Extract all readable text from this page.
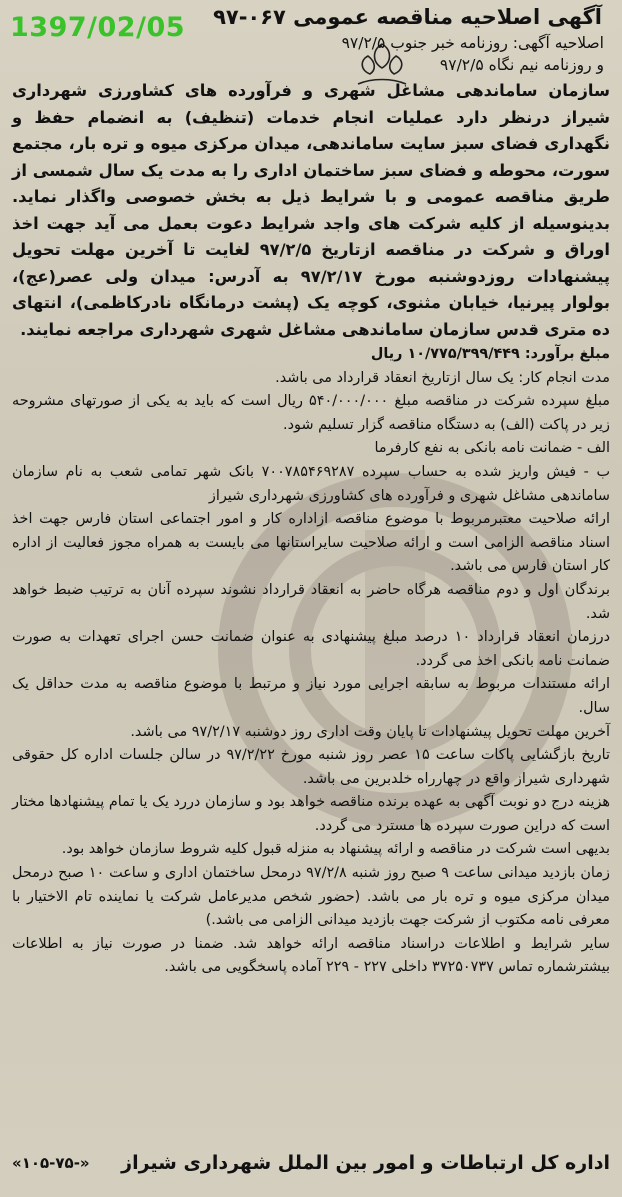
1397/02/05	آگهی اصلاحیه مناقصه عمومی ۰۶۷-۹۷
اصلاحیه آگهی: روزنامه خبر جنوب ۹۷/۲/۵
و روزنامه نیم نگاه ۹۷/۲/۵

سازمان ساماندهی مشاغل شهری و فرآورده های کشاورزی شهرداری شیراز درنظر دارد عملیات انجام خدمات (تنظیف) به انضمام حفظ و نگهداری فضای سبز سایت ساماندهی، میدان مرکزی میوه و تره بار، مجتمع سورت، محوطه و فضای سبز ساختمان اداری را به مدت یک سال شمسی از طریق مناقصه عمومی و با شرایط ذیل به بخش خصوصی واگذار نماید. بدینوسیله از کلیه شرکت های واجد شرایط دعوت بعمل می آید جهت اخذ اوراق و شرکت در مناقصه ازتاریخ ۹۷/۲/۵ لغایت تا آخرین مهلت تحویل پیشنهادات روزدوشنبه مورخ ۹۷/۲/۱۷ به آدرس: میدان ولی عصر(عج)، بولوار پیرنیا، خیابان مثنوی، کوچه یک (پشت درمانگاه نادرکاظمی)، انتهای ده متری قدس سازمان ساماندهی مشاغل شهری شهرداری مراجعه نمایند.

مبلغ برآورد: ۱۰/۷۷۵/۳۹۹/۴۴۹ ریال

مدت انجام کار: یک سال ازتاریخ انعقاد قرارداد می باشد.

مبلغ سپرده شرکت در مناقصه مبلغ ۵۴۰/۰۰۰/۰۰۰ ریال است که باید به یکی از صورتهای مشروحه زیر در پاکت (الف) به دستگاه مناقصه گزار تسلیم شود.

الف - ضمانت نامه بانکی به نفع کارفرما

ب - فیش واریز شده به حساب سپرده ۷۰۰۷۸۵۴۶۹۲۸۷ بانک شهر تمامی شعب به نام سازمان ساماندهی مشاغل شهری و فرآورده های کشاورزی شهرداری شیراز

ارائه صلاحیت معتبرمربوط با موضوع مناقصه ازاداره کار و امور اجتماعی استان فارس جهت اخذ اسناد مناقصه الزامی است و ارائه صلاحیت سایراستانها می بایست به همراه مجوز فعالیت از اداره کار استان فارس می باشد.

برندگان اول و دوم مناقصه هرگاه حاضر به انعقاد قرارداد نشوند سپرده آنان به ترتیب ضبط خواهد شد.

درزمان انعقاد قرارداد ۱۰ درصد مبلغ پیشنهادی به عنوان ضمانت حسن اجرای تعهدات به صورت ضمانت نامه بانکی اخذ می گردد.

ارائه مستندات مربوط به سابقه اجرایی مورد نیاز و مرتبط با موضوع مناقصه به مدت حداقل یک سال.

آخرین مهلت تحویل پیشنهادات تا پایان وقت اداری روز دوشنبه ۹۷/۲/۱۷ می باشد.

تاریخ بازگشایی پاکات ساعت ۱۵ عصر روز شنبه مورخ ۹۷/۲/۲۲ در سالن جلسات اداره کل حقوقی شهرداری شیراز واقع در چهارراه خلدبرین می باشد.

هزینه درج دو نوبت آگهی به عهده برنده مناقصه خواهد بود و سازمان دررد یک یا تمام پیشنهادها مختار است که دراین صورت سپرده ها مسترد می گردد.

بدیهی است شرکت در مناقصه و ارائه پیشنهاد به منزله قبول کلیه شروط سازمان خواهد بود.

زمان بازدید میدانی ساعت ۹ صبح روز شنبه ۹۷/۲/۸ درمحل ساختمان اداری و ساعت ۱۰ صبح درمحل میدان مرکزی میوه و تره بار می باشد. (حضور شخص مدیرعامل شرکت یا نماینده تام الاختیار با معرفی نامه مکتوب از شرکت جهت بازدید میدانی الزامی می باشد.)

سایر شرایط و اطلاعات دراسناد مناقصه ارائه خواهد شد. ضمنا در صورت نیاز به اطلاعات بیشترشماره تماس ۳۷۲۵۰۷۳۷ داخلی ۲۲۷ - ۲۲۹ آماده پاسخگویی می باشد.

اداره کل ارتباطات و امور بین الملل شهرداری شیراز
«۱۰۵-۷۵-»
